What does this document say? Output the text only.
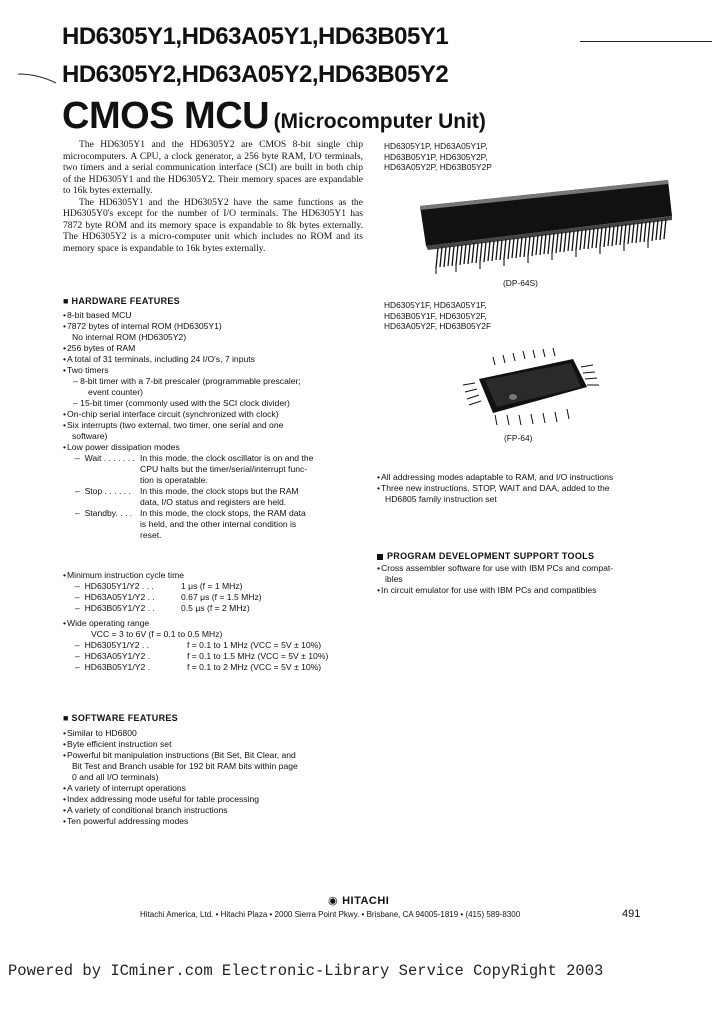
HD6305Y1,HD63A05Y1,HD63B05Y1
HD6305Y2,HD63A05Y2,HD63B05Y2
CMOS MCU (Microcomputer Unit)

The HD6305Y1 and the HD6305Y2 are CMOS 8-bit single chip microcomputers. A CPU, a clock generator, a 256 byte RAM, I/O terminals, two timers and a serial communication interface (SCI) are built in both chip of the HD6305Y1 and the HD6305Y2. Their memory spaces are expandable to 16k bytes externally.

The HD6305Y1 and the HD6305Y2 have the same functions as the HD6305Y0's except for the number of I/O terminals. The HD6305Y1 has 7872 byte ROM and its memory space is expandable to 8k bytes externally. The HD6305Y2 is a micro-computer unit which includes no ROM and its memory space is expandable to 16k bytes externally.

HD6305Y1P, HD63A05Y1P,
HD63B05Y1P, HD6305Y2P,
HD63A05Y2P, HD63B05Y2P
(DP-64S)
HD6305Y1F, HD63A05Y1F,
HD63B05Y1F, HD6305Y2F,
HD63A05Y2F, HD63B05Y2F
(FP-64)
• All addressing modes adaptable to RAM, and I/O instructions
• Three new instructions, STOP, WAIT and DAA, added to the
HD6805 family instruction set
PROGRAM DEVELOPMENT SUPPORT TOOLS
• Cross assembler software for use with IBM PCs and compat-
ibles
• In circuit emulator for use with IBM PCs and compatibles
■ HARDWARE FEATURES
• 8-bit based MCU
• 7872 bytes of internal ROM (HD6305Y1)
No internal ROM (HD6305Y2)
• 256 bytes of RAM
• A total of 31 terminals, including 24 I/O's, 7 inputs
• Two timers
– 8-bit timer with a 7-bit prescaler (programmable prescaler;
event counter)
– 15-bit timer (commonly used with the SCI clock divider)
• On-chip serial interface circuit (synchronized with clock)
• Six interrupts (two external, two timer, one serial and one
software)
• Low power dissipation modes
–  Wait . . . . . . . In this mode, the clock oscillator is on and the
CPU halts but the timer/serial/interrupt func-
tion is operatable.
–  Stop . . . . . .	In this mode, the clock stops but the RAM
data, I/O status and registers are held.
–  Standby. . . . In this mode, the clock stops, the RAM data
is held, and the other internal condition is
reset.
• Minimum instruction cycle time
–  HD6305Y1/Y2 . . .	1 μs (f = 1 MHz)
–  HD63A05Y1/Y2 . .	0.67 μs (f = 1.5 MHz)
–  HD63B05Y1/Y2 . .	0.5 μs (f = 2 MHz)
• Wide operating range
VCC = 3 to 6V (f = 0.1 to 0.5 MHz)
–  HD6305Y1/Y2 . .	f = 0.1 to 1 MHz (VCC = 5V ± 10%)
–  HD63A05Y1/Y2 .	f = 0.1 to 1.5 MHz (VCC = 5V ± 10%)
–  HD63B05Y1/Y2 .	f = 0.1 to 2 MHz (VCC = 5V ± 10%)
■ SOFTWARE FEATURES
• Similar to HD6800
• Byte efficient instruction set
• Powerful bit manipulation instructions (Bit Set, Bit Clear, and
Bit Test and Branch usable for 192 bit RAM bits within page
0 and all I/O terminals)
• A variety of interrupt operations
• Index addressing mode useful for table processing
• A variety of conditional branch instructions
• Ten powerful addressing modes
◉ HITACHI
Hitachi America, Ltd. • Hitachi Plaza • 2000 Sierra Point Pkwy. • Brisbane, CA 94005-1819 • (415) 589-8300	491
Powered by ICminer.com Electronic-Library Service CopyRight 2003
